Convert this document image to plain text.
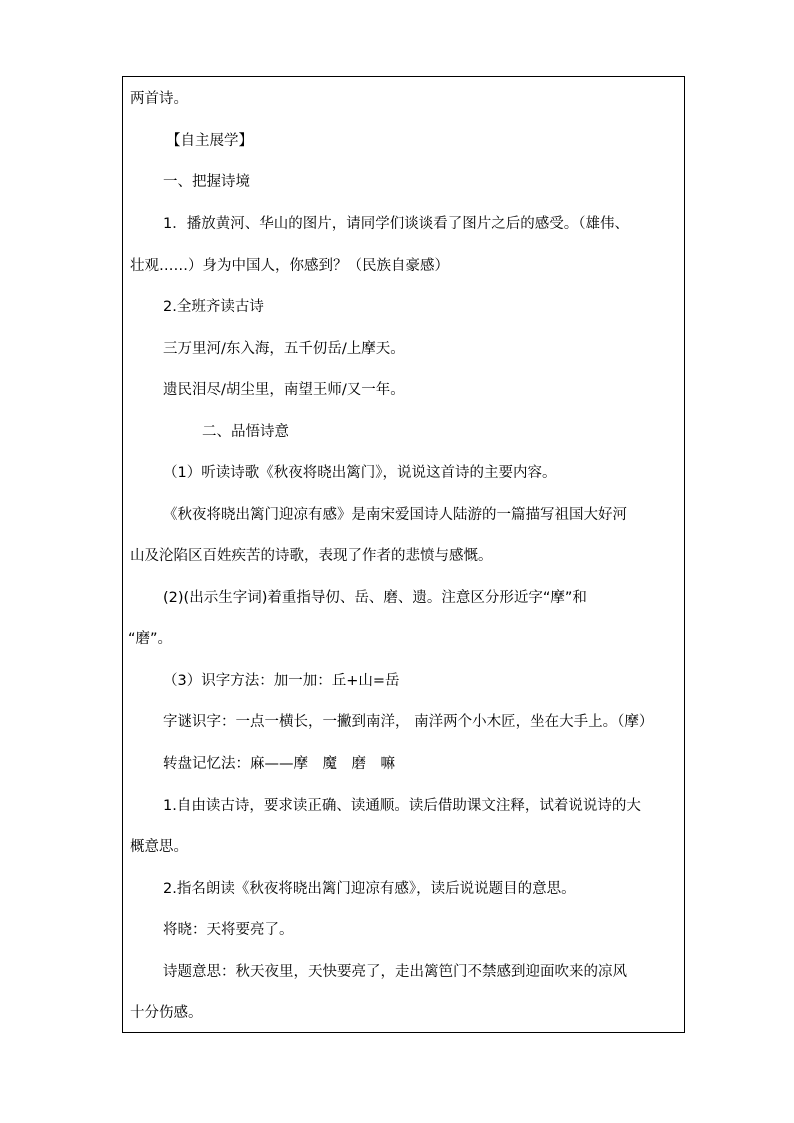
两首诗。
【自主展学】
一、把握诗境
1．播放黄河、华山的图片，请同学们谈谈看了图片之后的感受。（雄伟、
壮观……）身为中国人，你感到？（民族自豪感）
2.全班齐读古诗
三万里河/东入海，五千仞岳/上摩天。
遗民泪尽/胡尘里，南望王师/又一年。
二、品悟诗意
（1）听读诗歌《秋夜将晓出篱门》，说说这首诗的主要内容。
《秋夜将晓出篱门迎凉有感》是南宋爱国诗人陆游的一篇描写祖国大好河
山及沦陷区百姓疾苦的诗歌，表现了作者的悲愤与感慨。
(2)(出示生字词)着重指导仞、岳、磨、遗。注意区分形近字“摩”和
“磨”。
（3）识字方法：加一加：丘+山=岳
字谜识字：一点一横长，一撇到南洋， 南洋两个小木匠，坐在大手上。（摩）
转盘记忆法：麻——摩　魔　磨　嘛
1.自由读古诗，要求读正确、读通顺。读后借助课文注释，试着说说诗的大
概意思。
2.指名朗读《秋夜将晓出篱门迎凉有感》，读后说说题目的意思。
将晓：天将要亮了。
诗题意思：秋天夜里，天快要亮了，走出篱笆门不禁感到迎面吹来的凉风
十分伤感。
